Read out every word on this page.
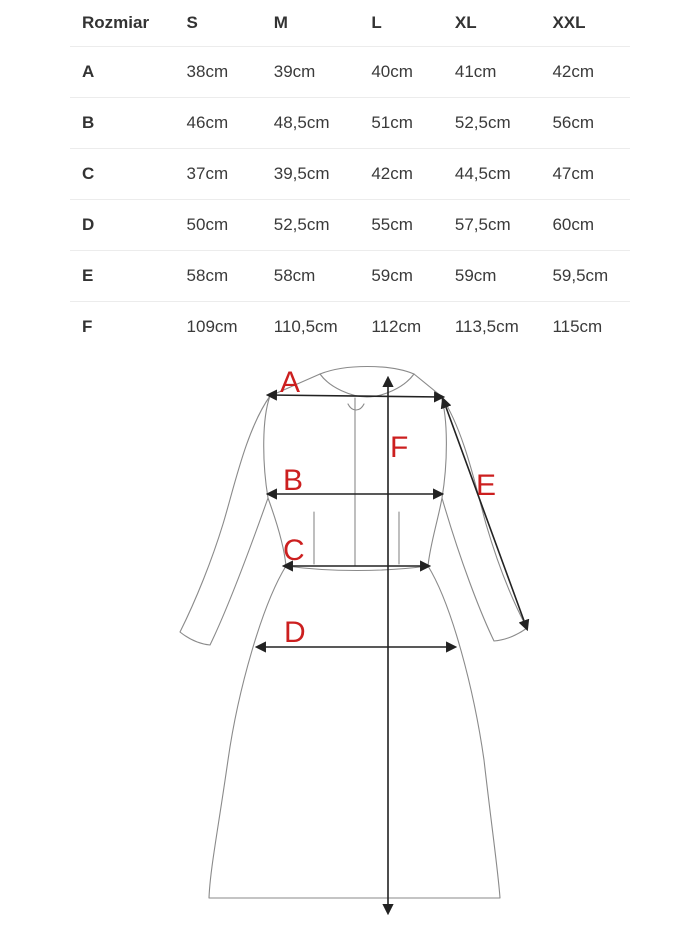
Rozmiar	S	M	L	XL	XXL
A	38cm	39cm	40cm	41cm	42cm
B	46cm	48,5cm	51cm	52,5cm	56cm
C	37cm	39,5cm	42cm	44,5cm	47cm
D	50cm	52,5cm	55cm	57,5cm	60cm
E	58cm	58cm	59cm	59cm	59,5cm
F	109cm	110,5cm	112cm	113,5cm	115cm
A
B
C
D
E
F
